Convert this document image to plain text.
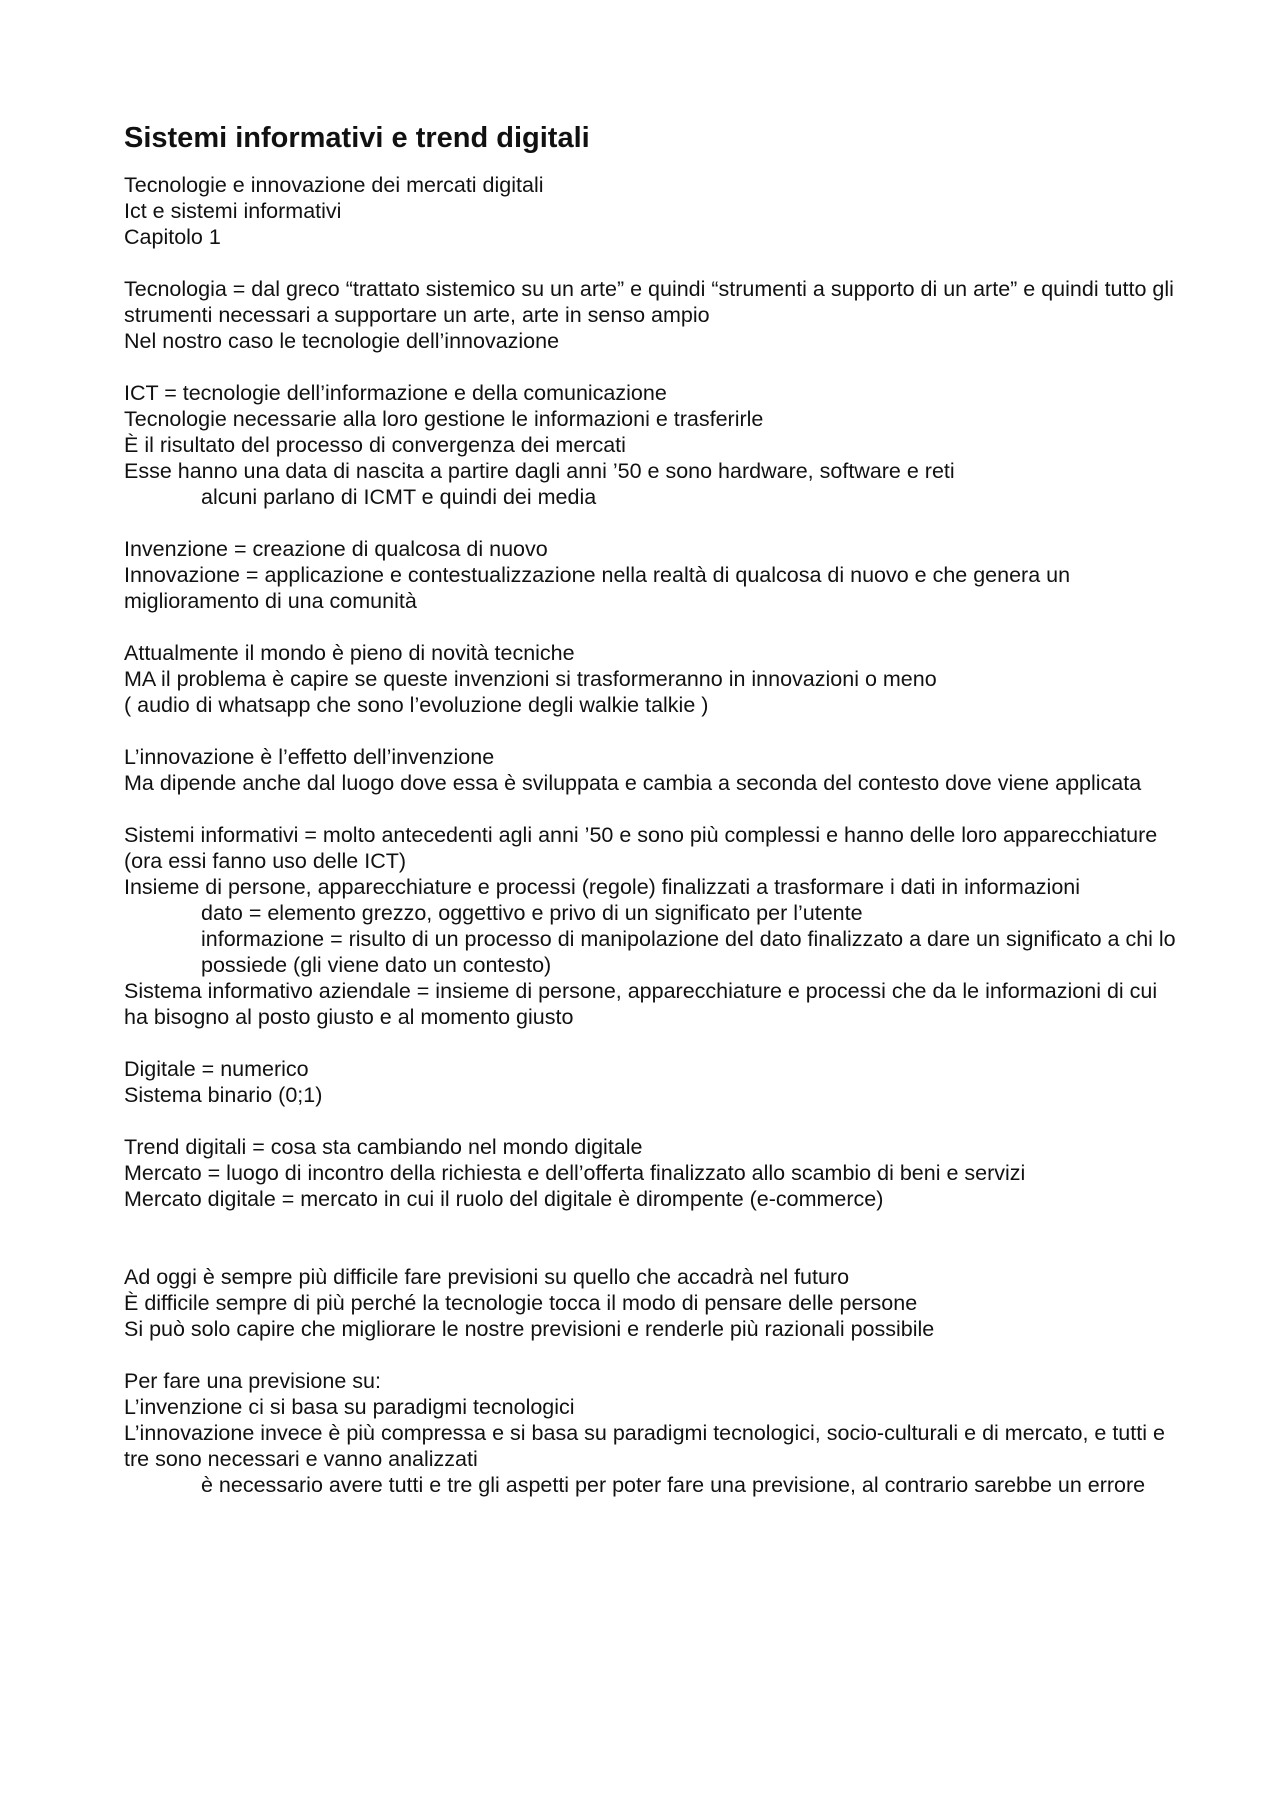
Sistemi informativi e trend digitali
Tecnologie e innovazione dei mercati digitali
Ict e sistemi informativi
Capitolo 1
Tecnologia = dal greco “trattato sistemico su un arte” e quindi “strumenti a supporto di un arte” e quindi tutto gli strumenti necessari a supportare un arte, arte in senso ampio
Nel nostro caso le tecnologie dell’innovazione
ICT = tecnologie dell’informazione e della comunicazione
Tecnologie necessarie alla loro gestione le informazioni e trasferirle
È il risultato del processo di convergenza dei mercati
Esse hanno una data di nascita a partire dagli anni ’50 e sono hardware, software e reti
alcuni parlano di ICMT e quindi dei media
Invenzione = creazione di qualcosa di nuovo
Innovazione = applicazione e contestualizzazione nella realtà di qualcosa di nuovo e che genera un miglioramento di una comunità
Attualmente il mondo è pieno di novità tecniche
MA il problema è capire se queste invenzioni si trasformeranno in innovazioni o meno
( audio di whatsapp che sono l’evoluzione degli walkie talkie )
L’innovazione è l’effetto dell’invenzione
Ma dipende anche dal luogo dove essa è sviluppata e cambia a seconda del contesto dove viene applicata
Sistemi informativi = molto antecedenti agli anni ’50 e sono più complessi e hanno delle loro apparecchiature (ora essi fanno uso delle ICT)
Insieme di persone, apparecchiature e processi (regole) finalizzati a trasformare i dati in informazioni
dato = elemento grezzo, oggettivo e privo di un significato per l’utente
informazione = risulto di un processo di manipolazione del dato finalizzato a dare un significato a chi lo possiede (gli viene dato un contesto)
Sistema informativo aziendale = insieme di persone, apparecchiature e processi che da le informazioni di cui ha bisogno al posto giusto e al momento giusto
Digitale = numerico
Sistema binario (0;1)
Trend digitali = cosa sta cambiando nel mondo digitale
Mercato = luogo di incontro della richiesta e dell’offerta finalizzato allo scambio di beni e servizi
Mercato digitale = mercato in cui il ruolo del digitale è dirompente (e-commerce)
Ad oggi è sempre più difficile fare previsioni su quello che accadrà nel futuro
È difficile sempre di più perché la tecnologie tocca il modo di pensare delle persone
Si può solo capire che migliorare le nostre previsioni e renderle più razionali possibile
Per fare una previsione su:
L’invenzione ci si basa su paradigmi tecnologici
L’innovazione invece è più compressa e si basa su paradigmi tecnologici, socio-culturali e di mercato, e tutti e tre sono necessari e vanno analizzati
è necessario avere tutti e tre gli aspetti per poter fare una previsione, al contrario sarebbe un errore
